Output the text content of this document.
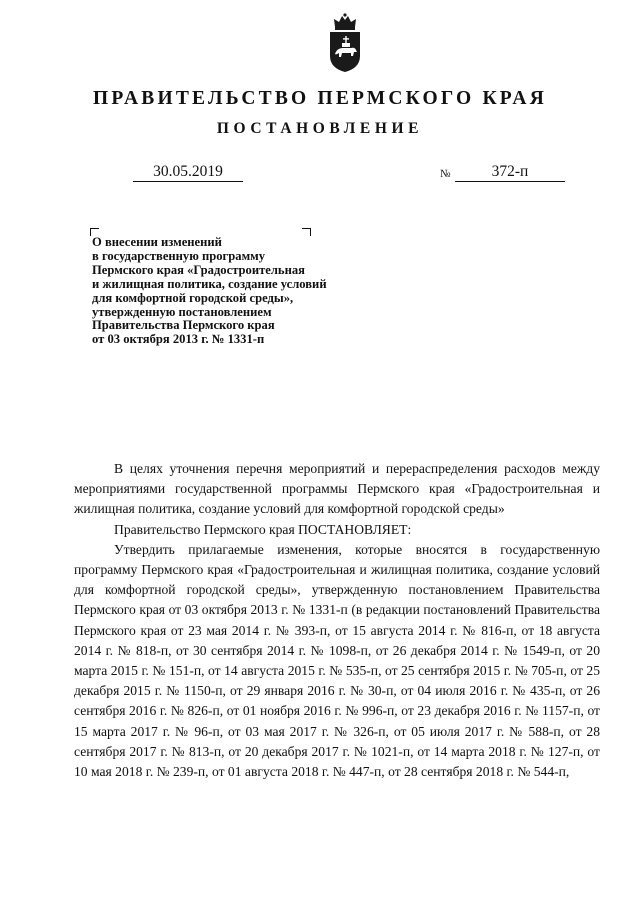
ПРАВИТЕЛЬСТВО ПЕРМСКОГО КРАЯ
ПОСТАНОВЛЕНИЕ
30.05.2019	№	372-п
О внесении изменений
в государственную программу
Пермского края «Градостроительная
и жилищная политика, создание условий
для комфортной городской среды»,
утвержденную постановлением
Правительства Пермского края
от 03 октября 2013 г. № 1331-п

В целях уточнения перечня мероприятий и перераспределения расходов между мероприятиями государственной программы Пермского края «Градостроительная и жилищная политика, создание условий для комфортной городской среды»

Правительство Пермского края ПОСТАНОВЛЯЕТ:

Утвердить прилагаемые изменения, которые вносятся в государственную программу Пермского края «Градостроительная и жилищная политика, создание условий для комфортной городской среды», утвержденную постановлением Правительства Пермского края от 03 октября 2013 г. № 1331-п (в редакции постановлений Правительства Пермского края от 23 мая 2014 г. № 393-п, от 15 августа 2014 г. № 816-п, от 18 августа 2014 г. № 818-п, от 30 сентября 2014 г. № 1098-п, от 26 декабря 2014 г. № 1549-п, от 20 марта 2015 г. № 151-п, от 14 августа 2015 г. № 535-п, от 25 сентября 2015 г. № 705-п, от 25 декабря 2015 г. № 1150-п, от 29 января 2016 г. № 30-п, от 04 июля 2016 г. № 435-п, от 26 сентября 2016 г. № 826-п, от 01 ноября 2016 г. № 996-п, от 23 декабря 2016 г. № 1157-п, от 15 марта 2017 г. № 96-п, от 03 мая 2017 г. № 326-п, от 05 июля 2017 г. № 588-п, от 28 сентября 2017 г. № 813-п, от 20 декабря 2017 г. № 1021-п, от 14 марта 2018 г. № 127-п, от 10 мая 2018 г. № 239-п, от 01 августа 2018 г. № 447-п, от 28 сентября 2018 г. № 544-п,
